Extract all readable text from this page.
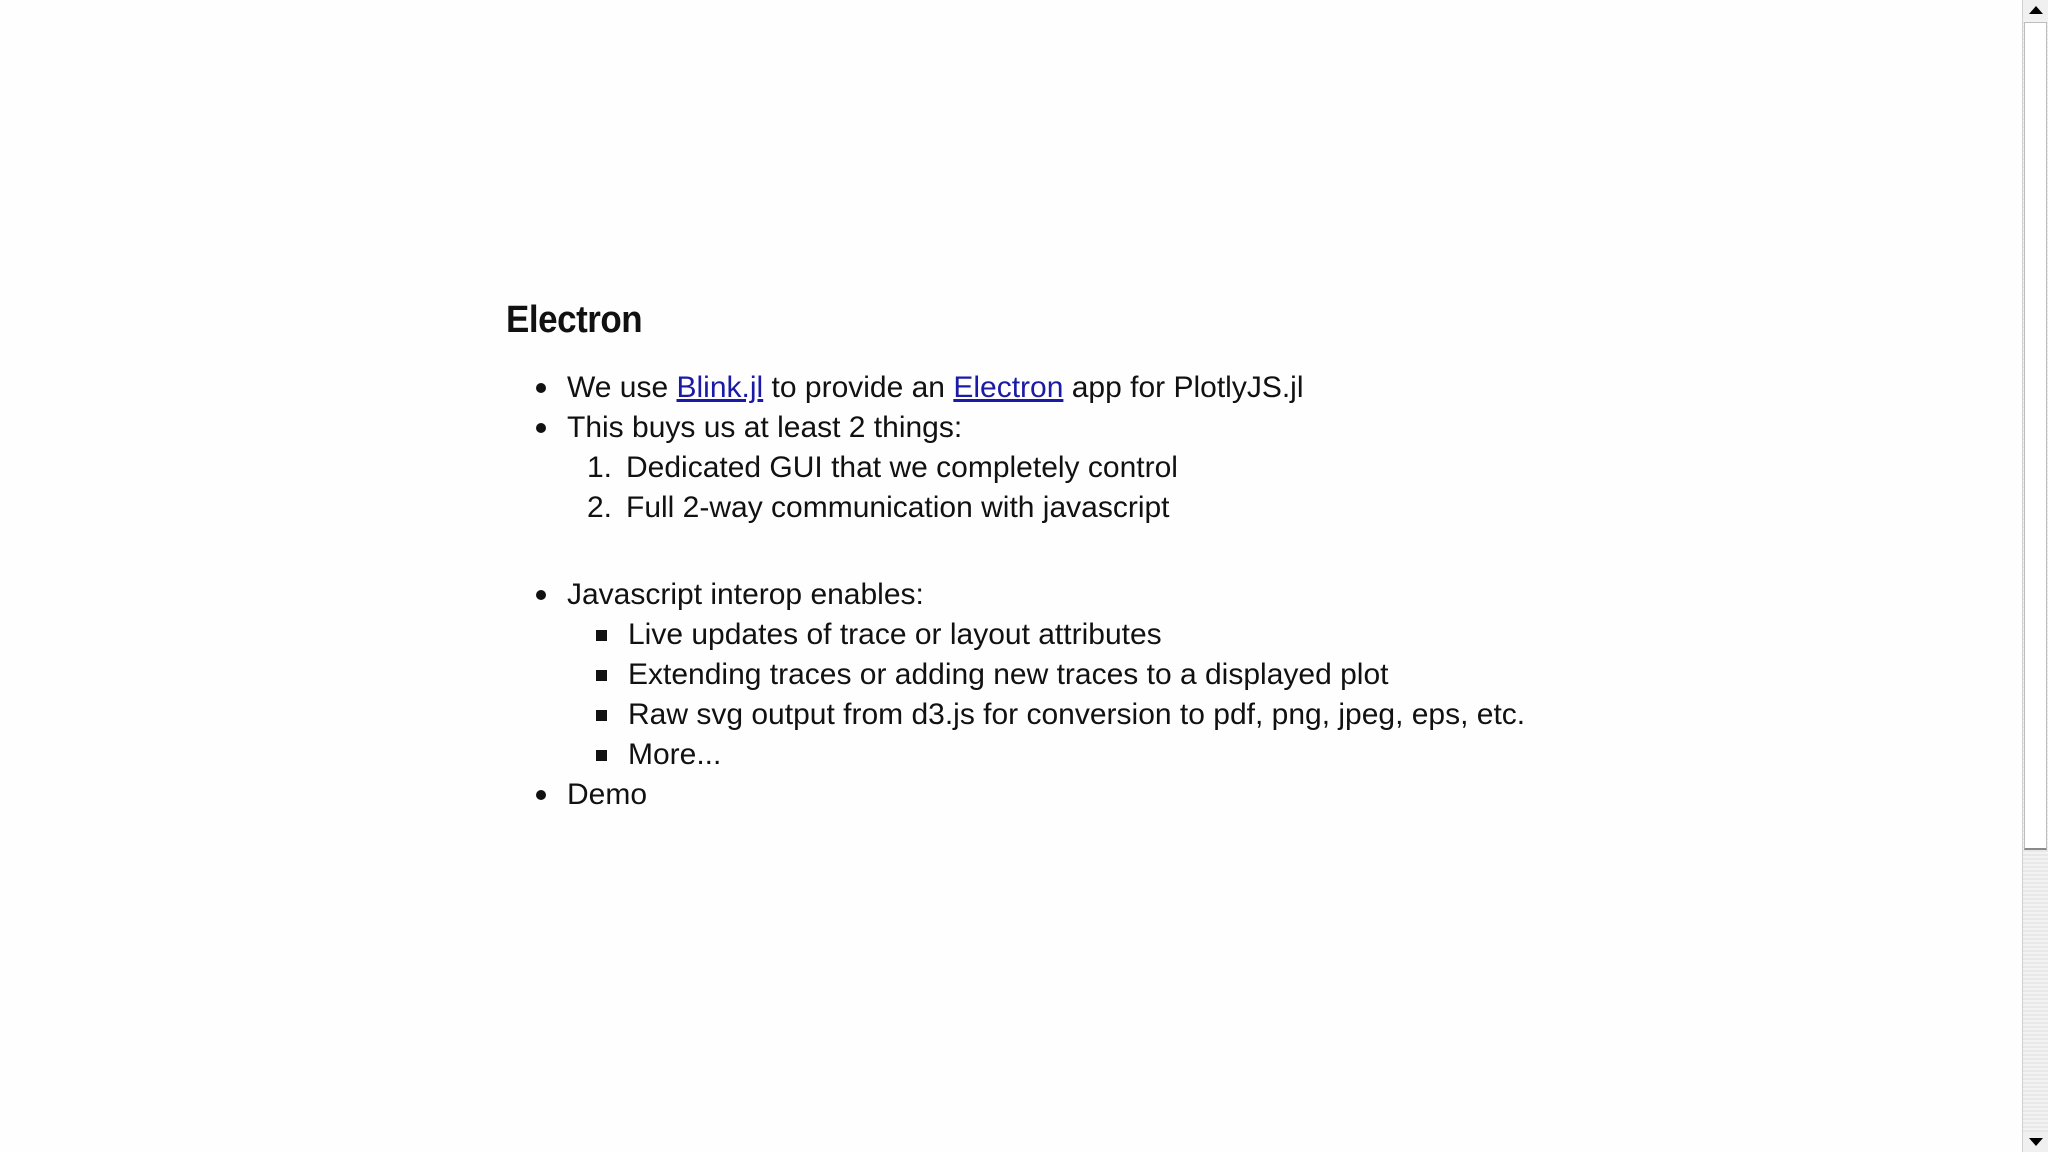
Electron
We use Blink.jl to provide an Electron app for PlotlyJS.jl
This buys us at least 2 things:
1. Dedicated GUI that we completely control
2. Full 2-way communication with javascript
Javascript interop enables:
Live updates of trace or layout attributes
Extending traces or adding new traces to a displayed plot
Raw svg output from d3.js for conversion to pdf, png, jpeg, eps, etc.
More...
Demo
